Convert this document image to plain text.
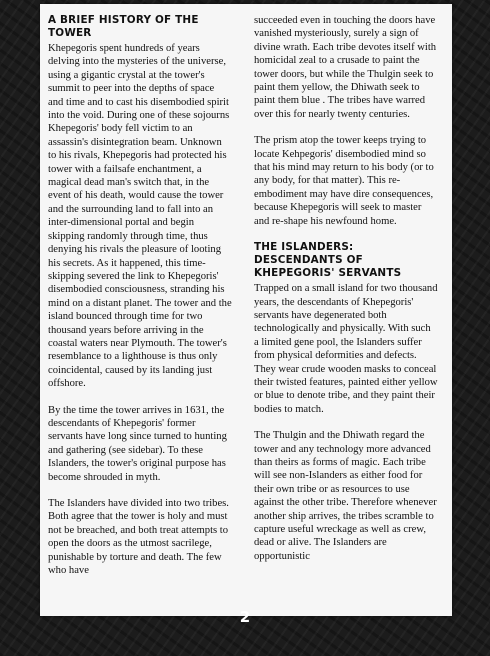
A BRIEF HISTORY OF THE TOWER

Khepegoris spent hundreds of years delving into the mysteries of the universe, using a gigantic crystal at the tower's summit to peer into the depths of space and time and to cast his disembodied spirit into the void. During one of these sojourns Khepegoris' body fell victim to an assassin's disintegration beam. Unknown to his rivals, Khepegoris had protected his tower with a failsafe enchantment, a magical dead man's switch that, in the event of his death, would cause the tower and the surrounding land to fall into an inter-dimensional portal and begin skipping randomly through time, thus denying his rivals the pleasure of looting his secrets. As it happened, this time-skipping severed the link to Khepegoris' disembodied consciousness, stranding his mind on a distant planet. The tower and the island bounced through time for two thousand years before arriving in the coastal waters near Plymouth. The tower's resemblance to a lighthouse is thus only coincidental, caused by its landing just offshore.

By the time the tower arrives in 1631, the descendants of Khepegoris' former servants have long since turned to hunting and gathering (see sidebar). To these Islanders, the tower's original purpose has become shrouded in myth.

The Islanders have divided into two tribes. Both agree that the tower is holy and must not be breached, and both treat attempts to open the doors as the utmost sacrilege, punishable by torture and death. The few who have

succeeded even in touching the doors have vanished mysteriously, surely a sign of divine wrath. Each tribe devotes itself with homicidal zeal to a crusade to paint the tower doors, but while the Thulgin seek to paint them yellow, the Dhiwath seek to paint them blue . The tribes have warred over this for nearly twenty centuries.

The prism atop the tower keeps trying to locate Kehpegoris' disembodied mind so that his mind may return to his body (or to any body, for that matter). This re-embodiment may have dire consequences, because Khepegoris will seek to master and re-shape his newfound home.

THE ISLANDERS: DESCENDANTS OF KHEPEGORIS' SERVANTS

Trapped on a small island for two thousand years, the descendants of Khepegoris' servants have degenerated both technologically and physically. With such a limited gene pool, the Islanders suffer from physical deformities and defects. They wear crude wooden masks to conceal their twisted features, painted either yellow or blue to denote tribe, and they paint their bodies to match.

The Thulgin and the Dhiwath regard the tower and any technology more advanced than theirs as forms of magic. Each tribe will see non-Islanders as either food for their own tribe or as resources to use against the other tribe. Therefore whenever another ship arrives, the tribes scramble to capture useful wreckage as well as crew, dead or alive. The Islanders are opportunistic

2
